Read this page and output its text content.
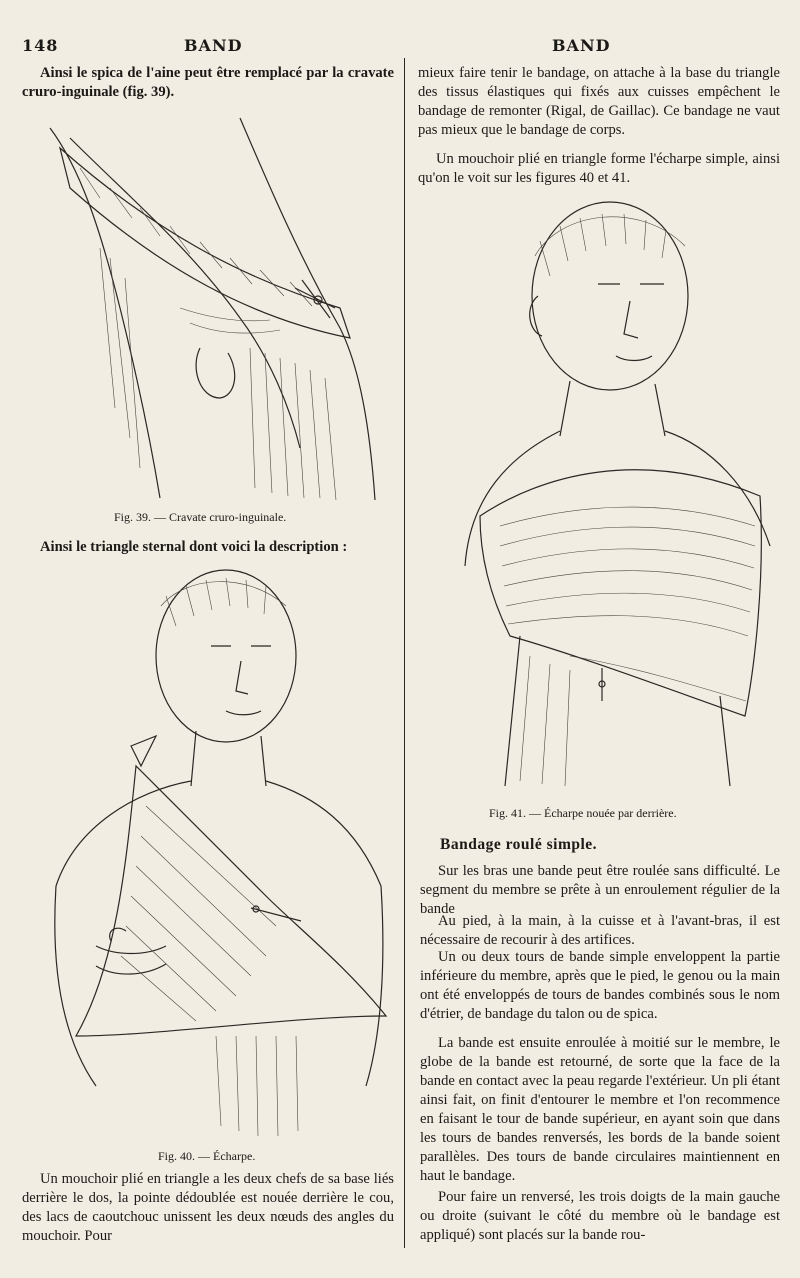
148	BAND	BAND
Ainsi le spica de l'aine peut être remplacé par la cravate cruro-inguinale (fig. 39).
Fig. 39. — Cravate cruro-inguinale.
Ainsi le triangle sternal dont voici la description :
Fig. 40. — Écharpe.
Un mouchoir plié en triangle a les deux chefs de sa base liés derrière le dos, la pointe dédoublée est nouée derrière le cou, des lacs de caoutchouc unissent les deux nœuds des angles du mouchoir. Pour
mieux faire tenir le bandage, on attache à la base du triangle des tissus élastiques qui fixés aux cuisses empêchent le bandage de remonter (Rigal, de Gaillac). Ce bandage ne vaut pas mieux que le bandage de corps.
Un mouchoir plié en triangle forme l'écharpe simple, ainsi qu'on le voit sur les figures 40 et 41.
Fig. 41. — Écharpe nouée par derrière.
Bandage roulé simple.
Sur les bras une bande peut être roulée sans difficulté. Le segment du membre se prête à un enroulement régulier de la bande
Au pied, à la main, à la cuisse et à l'avant-bras, il est nécessaire de recourir à des artifices.
Un ou deux tours de bande simple enveloppent la partie inférieure du membre, après que le pied, le genou ou la main ont été enveloppés de tours de bandes combinés sous le nom d'étrier, de bandage du talon ou de spica.
La bande est ensuite enroulée à moitié sur le membre, le globe de la bande est retourné, de sorte que la face de la bande en contact avec la peau regarde l'extérieur. Un pli étant ainsi fait, on finit d'entourer le membre et l'on recommence en faisant le tour de bande supérieur, en ayant soin que dans les tours de bandes renversés, les bords de la bande soient parallèles. Des tours de bande circulaires maintiennent en haut le bandage.
Pour faire un renversé, les trois doigts de la main gauche ou droite (suivant le côté du membre où le bandage est appliqué) sont placés sur la bande rou-
